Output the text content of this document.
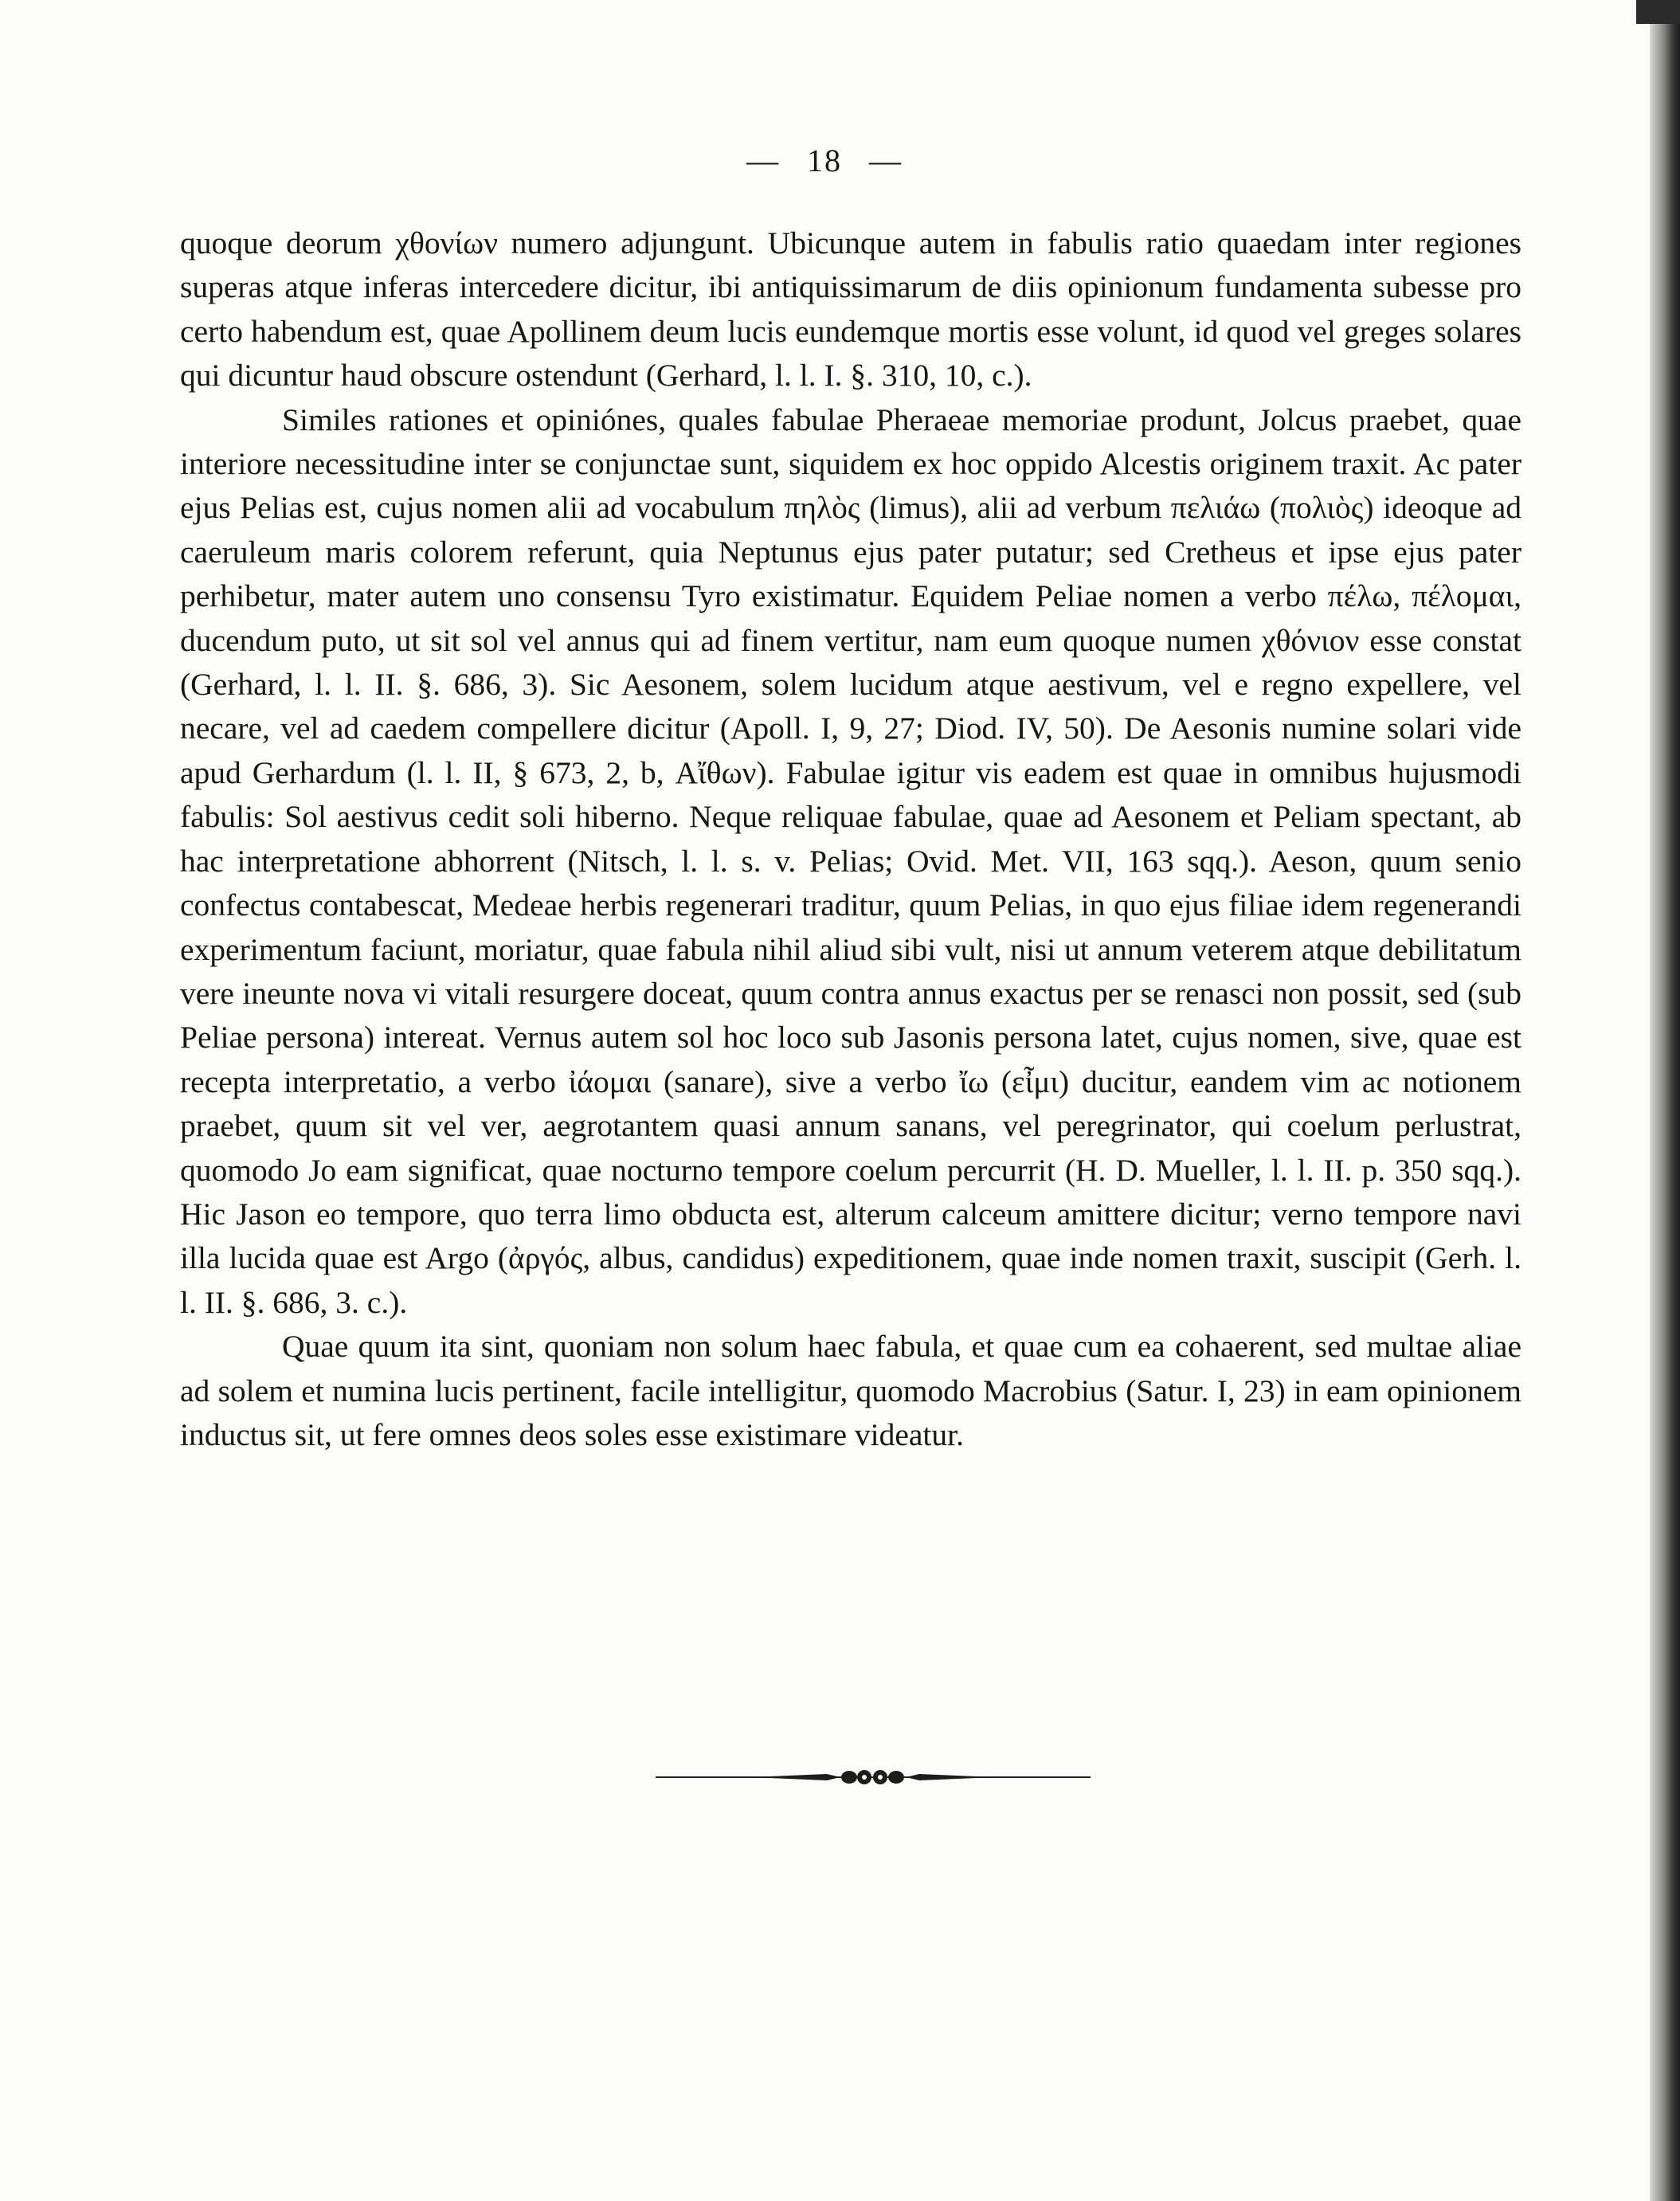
— 18 —

quoque deorum χθονίων numero adjungunt. Ubicunque autem in fabulis ratio quaedam inter regiones superas atque inferas intercedere dicitur, ibi antiquissimarum de diis opinionum fundamenta subesse pro certo habendum est, quae Apollinem deum lucis eundemque mortis esse volunt, id quod vel greges solares qui dicuntur haud obscure ostendunt (Gerhard, l. l. I. §. 310, 10, c.).

Similes rationes et opiniónes, quales fabulae Pheraeae memoriae produnt, Jolcus praebet, quae interiore necessitudine inter se conjunctae sunt, siquidem ex hoc oppido Alcestis originem traxit. Ac pater ejus Pelias est, cujus nomen alii ad vocabulum πηλὸς (limus), alii ad verbum πελιάω (πολιὸς) ideoque ad caeruleum maris colorem referunt, quia Neptunus ejus pater putatur; sed Cretheus et ipse ejus pater perhibetur, mater autem uno consensu Tyro existimatur. Equidem Peliae nomen a verbo πέλω, πέλομαι, ducendum puto, ut sit sol vel annus qui ad finem vertitur, nam eum quoque numen χθόνιον esse constat (Gerhard, l. l. II. §. 686, 3). Sic Aesonem, solem lucidum atque aestivum, vel e regno expellere, vel necare, vel ad caedem compellere dicitur (Apoll. I, 9, 27; Diod. IV, 50). De Aesonis numine solari vide apud Gerhardum (l. l. II, § 673, 2, b, Αἴθων). Fabulae igitur vis eadem est quae in omnibus hujusmodi fabulis: Sol aestivus cedit soli hiberno. Neque reliquae fabulae, quae ad Aesonem et Peliam spectant, ab hac interpretatione abhorrent (Nitsch, l. l. s. v. Pelias; Ovid. Met. VII, 163 sqq.). Aeson, quum senio confectus contabescat, Medeae herbis regenerari traditur, quum Pelias, in quo ejus filiae idem regenerandi experimentum faciunt, moriatur, quae fabula nihil aliud sibi vult, nisi ut annum veterem atque debilitatum vere ineunte nova vi vitali resurgere doceat, quum contra annus exactus per se renasci non possit, sed (sub Peliae persona) intereat. Vernus autem sol hoc loco sub Jasonis persona latet, cujus nomen, sive, quae est recepta interpretatio, a verbo ἰάομαι (sanare), sive a verbo ἴω (εἶμι) ducitur, eandem vim ac notionem praebet, quum sit vel ver, aegrotantem quasi annum sanans, vel peregrinator, qui coelum perlustrat, quomodo Jo eam significat, quae nocturno tempore coelum percurrit (H. D. Mueller, l. l. II. p. 350 sqq.). Hic Jason eo tempore, quo terra limo obducta est, alterum calceum amittere dicitur; verno tempore navi illa lucida quae est Argo (ἀργός, albus, candidus) expeditionem, quae inde nomen traxit, suscipit (Gerh. l. l. II. §. 686, 3. c.).

Quae quum ita sint, quoniam non solum haec fabula, et quae cum ea cohaerent, sed multae aliae ad solem et numina lucis pertinent, facile intelligitur, quomodo Macrobius (Satur. I, 23) in eam opinionem inductus sit, ut fere omnes deos soles esse existimare videatur.
